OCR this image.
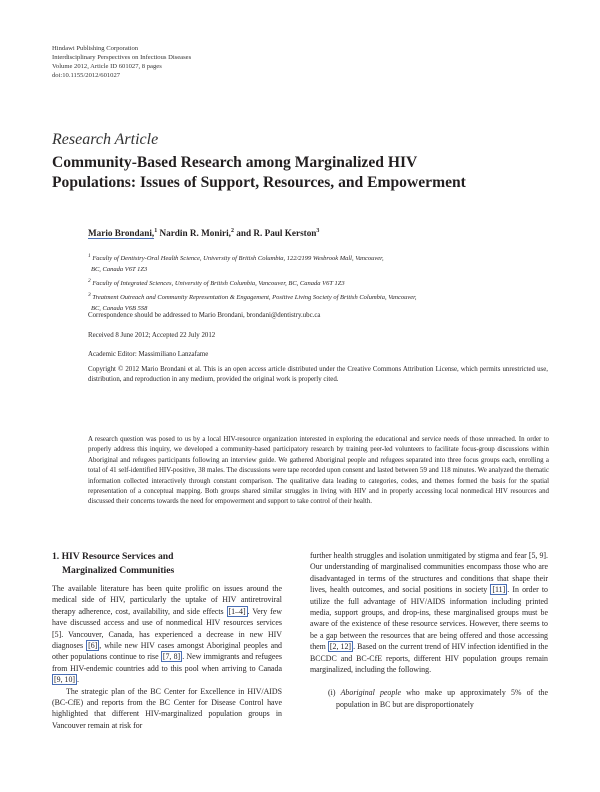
Hindawi Publishing Corporation
Interdisciplinary Perspectives on Infectious Diseases
Volume 2012, Article ID 601027, 8 pages
doi:10.1155/2012/601027
Research Article
Community-Based Research among Marginalized HIV
Populations: Issues of Support, Resources, and Empowerment
Mario Brondani,$^1$ Nardin R. Moniri,$^2$ and R. Paul Kerston$^3$
$^1$ Faculty of Dentistry-Oral Health Science, University of British Columbia, 122/2199 Wesbrook Mall, Vancouver,
BC, Canada V6T 1Z3
$^2$ Faculty of Integrated Sciences, University of British Columbia, Vancouver, BC, Canada V6T 1Z3
$^3$ Treatment Outreach and Community Representation & Engagement, Positive Living Society of British Columbia, Vancouver,
BC, Canada V6B 5S8
Correspondence should be addressed to Mario Brondani, brondani@dentistry.ubc.ca
Received 8 June 2012; Accepted 22 July 2012
Academic Editor: Massimiliano Lanzafame
Copyright © 2012 Mario Brondani et al. This is an open access article distributed under the Creative Commons Attribution License, which permits unrestricted use, distribution, and reproduction in any medium, provided the original work is properly cited.
A research question was posed to us by a local HIV-resource organization interested in exploring the educational and service needs of those unreached. In order to properly address this inquiry, we developed a community-based participatory research by training peer-led volunteers to facilitate focus-group discussions within Aboriginal and refugees participants following an interview guide. We gathered Aboriginal people and refugees separated into three focus groups each, enrolling a total of 41 self-identified HIV-positive, 38 males. The discussions were tape recorded upon consent and lasted between 59 and 118 minutes. We analyzed the thematic information collected interactively through constant comparison. The qualitative data leading to categories, codes, and themes formed the basis for the spatial representation of a conceptual mapping. Both groups shared similar struggles in living with HIV and in properly accessing local nonmedical HIV resources and discussed their concerns towards the need for empowerment and support to take control of their health.
1. HIV Resource Services and
Marginalized Communities

The available literature has been quite prolific on issues around the medical side of HIV, particularly the uptake of HIV antiretroviral therapy adherence, cost, availability, and side effects [1–4] . Very few have discussed access and use of nonmedical HIV resources services [5]. Vancouver, Canada, has experienced a decrease in new HIV diagnoses [6] , while new HIV cases amongst Aboriginal peoples and other populations continue to rise [7, 8] . New immigrants and refugees from HIV-endemic countries add to this pool when arriving to Canada [9, 10] .

The strategic plan of the BC Center for Excellence in HIV/AIDS (BC-CfE) and reports from the BC Center for Disease Control have highlighted that different HIV-marginalized population groups in Vancouver remain at risk for

further health struggles and isolation unmitigated by stigma and fear [5, 9]. Our understanding of marginalised communities encompass those who are disadvantaged in terms of the structures and conditions that shape their lives, health outcomes, and social positions in society [11] . In order to utilize the full advantage of HIV/AIDS information including printed media, support groups, and drop-ins, these marginalised groups must be aware of the existence of these resource services. However, there seems to be a gap between the resources that are being offered and those accessing them [2, 12] . Based on the current trend of HIV infection identified in the BCCDC and BC-CfE reports, different HIV population groups remain marginalized, including the following.

(i) Aboriginal people who make up approximately 5% of the population in BC but are disproportionately
